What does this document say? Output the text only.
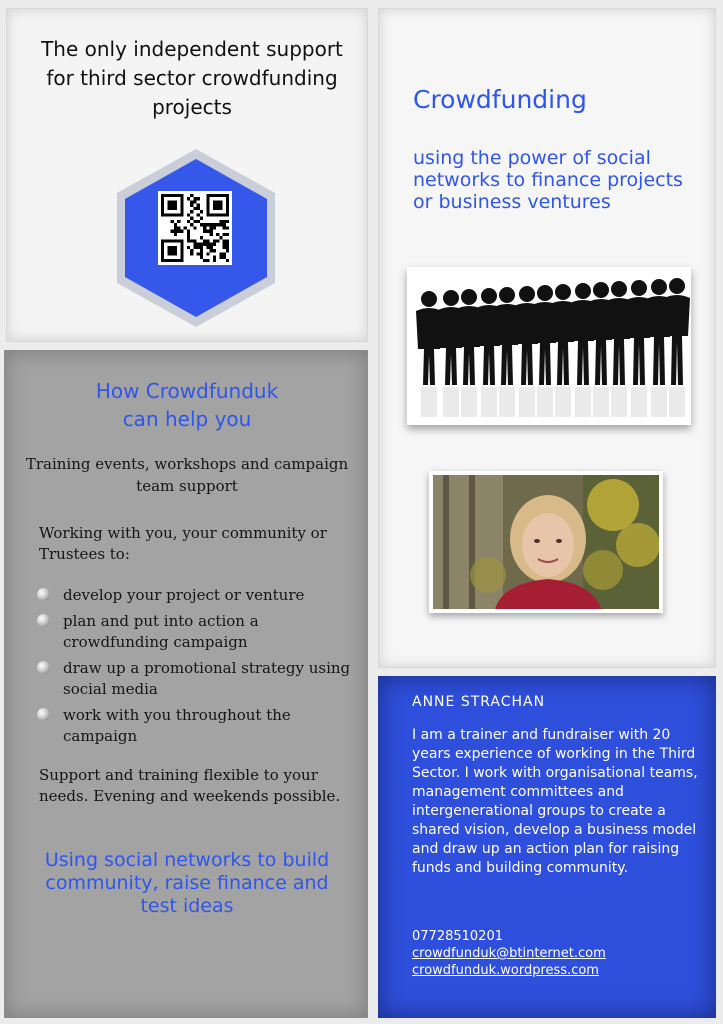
The only independent support for third sector crowdfunding projects	Crowdfunding
using the power of social networks to finance projects or business ventures
How Crowdfunduk
can help you
Training events, workshops and campaign team support
Working with you, your community or Trustees to:
develop your project or venture
plan and put into action a crowdfunding campaign
draw up a promotional strategy using social media
work with you throughout the campaign
Support and training flexible to your needs. Evening and weekends possible.
Using social networks to build community, raise finance and test ideas
ANNE STRACHAN
I am a trainer and fundraiser with 20 years experience of working in the Third Sector. I work with organisational teams, management committees and intergenerational groups to create a shared vision, develop a business model and draw up an action plan for raising funds and building community.
07728510201
crowdfunduk@btinternet.com
crowdfunduk.wordpress.com
